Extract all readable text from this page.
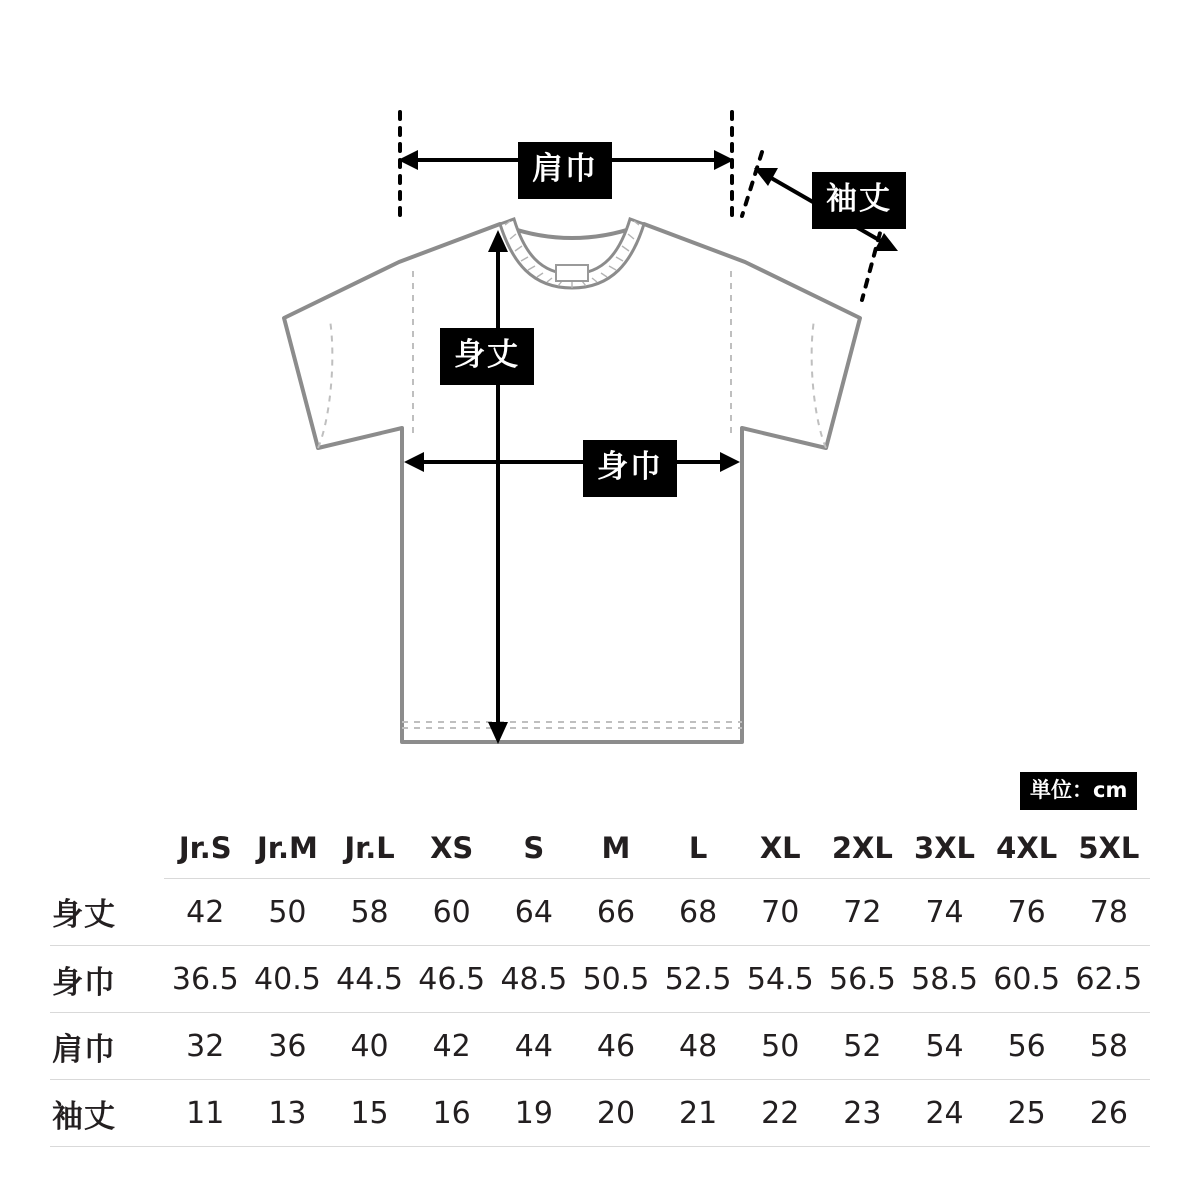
肩巾
袖丈
身丈
身巾
単位：cm
	Jr.S	Jr.M	Jr.L	XS	S	M	L	XL	2XL	3XL	4XL	5XL
身丈	42	50	58	60	64	66	68	70	72	74	76	78
身巾	36.5	40.5	44.5	46.5	48.5	50.5	52.5	54.5	56.5	58.5	60.5	62.5
肩巾	32	36	40	42	44	46	48	50	52	54	56	58
袖丈	11	13	15	16	19	20	21	22	23	24	25	26
